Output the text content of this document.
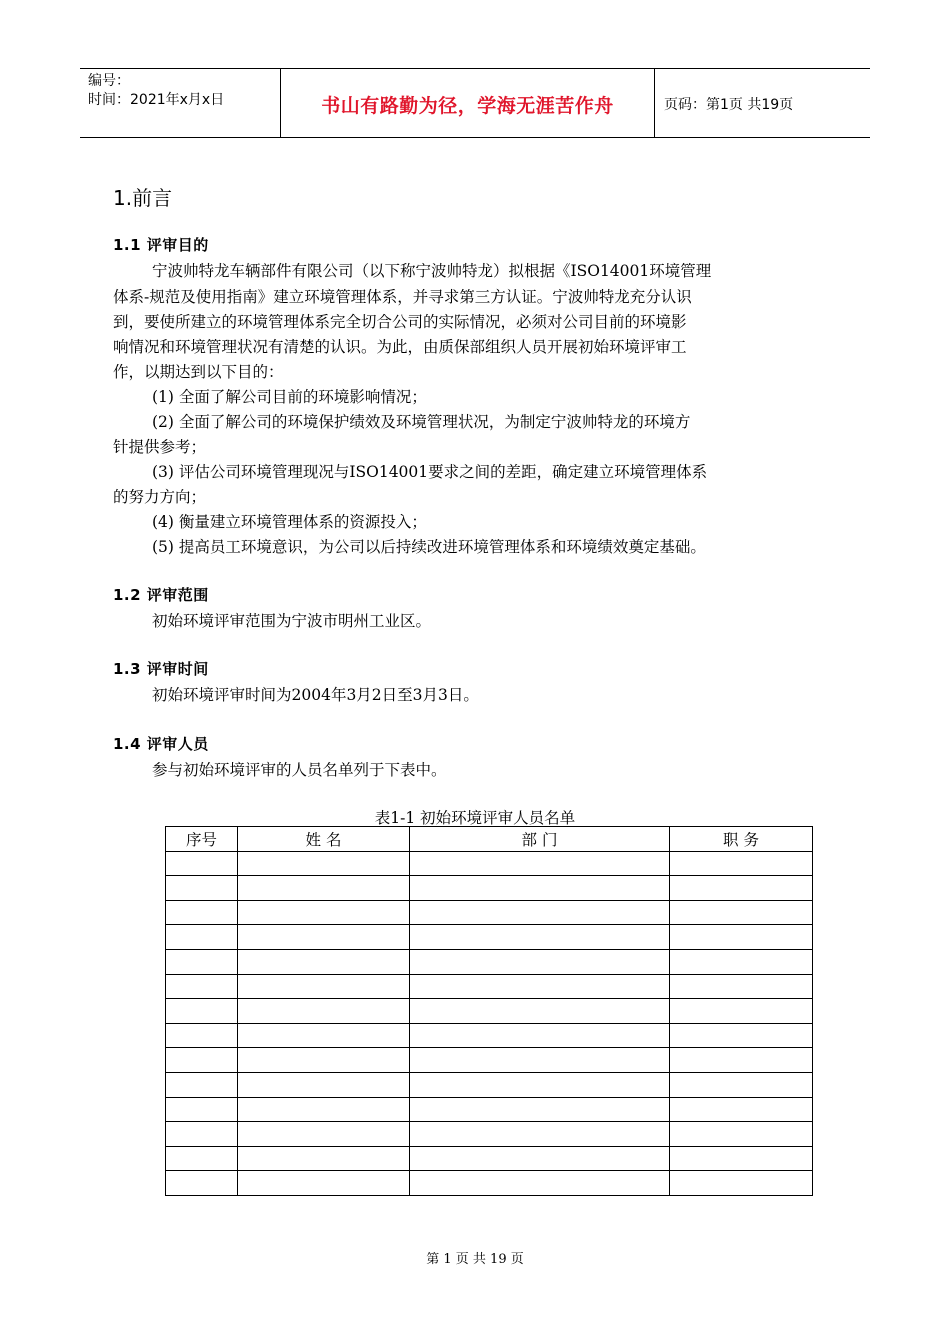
编号：
时间：2021年x月x日	书山有路勤为径，学海无涯苦作舟	页码：第1页 共19页
1.前言
1.1 评审目的
宁波帅特龙车辆部件有限公司（以下称宁波帅特龙）拟根据《ISO14001环境管理
体系-规范及使用指南》建立环境管理体系，并寻求第三方认证。宁波帅特龙充分认识
到，要使所建立的环境管理体系完全切合公司的实际情况，必须对公司目前的环境影
响情况和环境管理状况有清楚的认识。为此，由质保部组织人员开展初始环境评审工
作，以期达到以下目的：
(1) 全面了解公司目前的环境影响情况；
(2) 全面了解公司的环境保护绩效及环境管理状况，为制定宁波帅特龙的环境方
针提供参考；
(3) 评估公司环境管理现况与ISO14001要求之间的差距，确定建立环境管理体系
的努力方向；
(4) 衡量建立环境管理体系的资源投入；
(5) 提高员工环境意识，为公司以后持续改进环境管理体系和环境绩效奠定基础。
1.2 评审范围
初始环境评审范围为宁波市明州工业区。
1.3 评审时间
初始环境评审时间为2004年3月2日至3月3日。
1.4 评审人员
参与初始环境评审的人员名单列于下表中。
表1-1 初始环境评审人员名单
序号	姓 名	部 门	职 务

第 1 页 共 19 页
